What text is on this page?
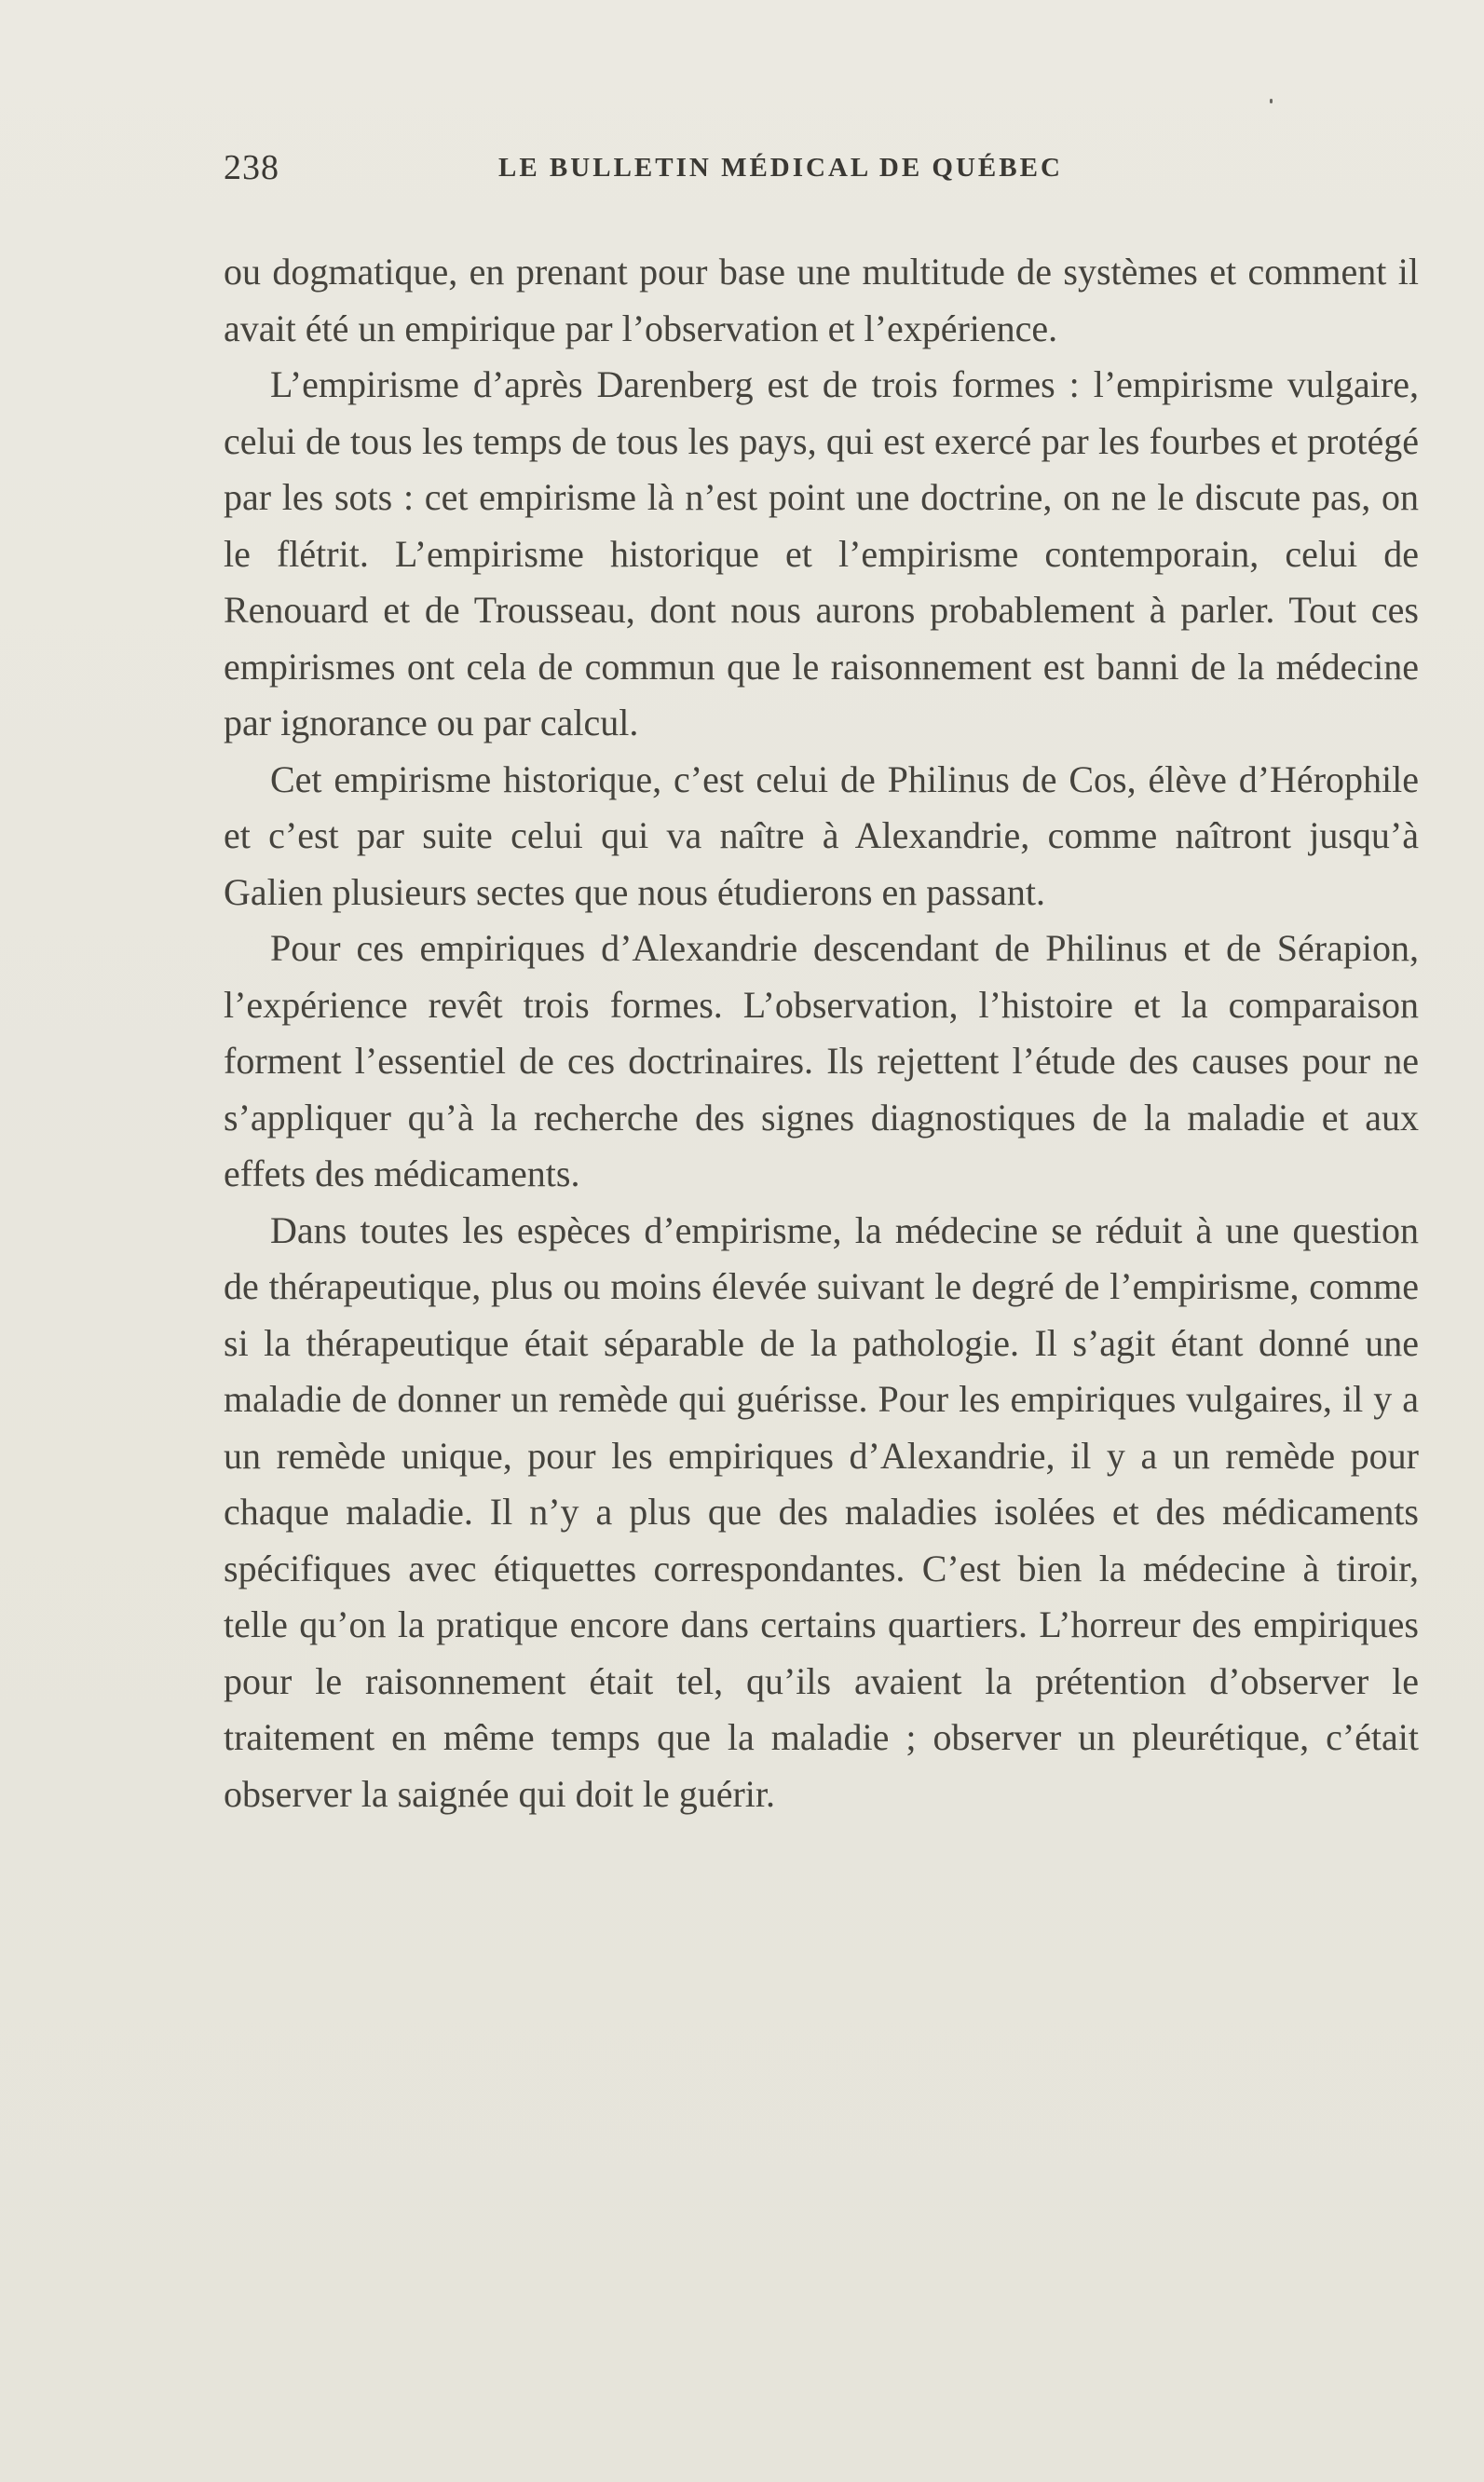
238	LE BULLETIN MÉDICAL DE QUÉBEC

ou dogmatique, en prenant pour base une multitude de systèmes et comment il avait été un empirique par l’observation et l’expérience.

L’empirisme d’après Darenberg est de trois formes : l’empirisme vulgaire, celui de tous les temps de tous les pays, qui est exercé par les fourbes et protégé par les sots : cet empirisme là n’est point une doctrine, on ne le discute pas, on le flétrit. L’empirisme historique et l’empirisme contemporain, celui de Renouard et de Trousseau, dont nous aurons probablement à parler. Tout ces empirismes ont cela de commun que le raisonnement est banni de la médecine par ignorance ou par calcul.

Cet empirisme historique, c’est celui de Philinus de Cos, élève d’Hérophile et c’est par suite celui qui va naître à Alexandrie, comme naîtront jusqu’à Galien plusieurs sectes que nous étudierons en passant.

Pour ces empiriques d’Alexandrie descendant de Philinus et de Sérapion, l’expérience revêt trois formes. L’observation, l’histoire et la comparaison forment l’essentiel de ces doctrinaires. Ils rejettent l’étude des causes pour ne s’appliquer qu’à la recherche des signes diagnostiques de la maladie et aux effets des médicaments.

Dans toutes les espèces d’empirisme, la médecine se réduit à une question de thérapeutique, plus ou moins élevée suivant le degré de l’empirisme, comme si la thérapeutique était séparable de la pathologie. Il s’agit étant donné une maladie de donner un remède qui guérisse. Pour les empiriques vulgaires, il y a un remède unique, pour les empiriques d’Alexandrie, il y a un remède pour chaque maladie. Il n’y a plus que des maladies isolées et des médicaments spécifiques avec étiquettes correspondantes. C’est bien la médecine à tiroir, telle qu’on la pratique encore dans certains quartiers. L’horreur des empiriques pour le raisonnement était tel, qu’ils avaient la prétention d’observer le traitement en même temps que la maladie ; observer un pleurétique, c’était observer la saignée qui doit le guérir.
